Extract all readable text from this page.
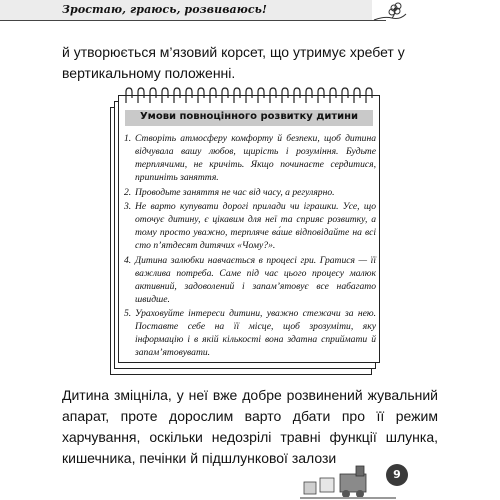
Зростаю, граюсь, розвиваюсь!

й утворюється м’язовий корсет, що утримує хребет у вертикальному положенні.

Умови повноцінного розвитку дитини
1. Створіть атмосферу комфорту й безпеки, щоб дитина відчувала вашу любов, щирість і розуміння. Будьте терплячими, не кричіть. Якщо починаєте сердитися, припиніть заняття.
2. Проводьте заняття не час від часу, а регулярно.
3. Не варто купувати дорогі прилади чи іграшки. Усе, що оточує дитину, є цікавим для неї та сприяє розвитку, а тому просто уважно, терпляче ва́ше відповідайте на всі сто п’ятдесят дитячих «Чому?».
4. Дитина залюбки навчається в процесі гри. Гратися — її важлива потреба. Саме під час цього процесу малюк активний, задоволений і запам’ятовує все набагато швидше.
5. Ураховуйте інтереси дитини, уважно стежачи за нею. Поставте себе на її місце, щоб зрозуміти, яку інформацію і в якій кількості вона здатна сприймати й запам’ятовувати.

Дитина зміцніла, у неї вже добре розвинений жувальний апарат, проте дорослим варто дбати про її режим харчування, оскільки недозрілі травні функції шлунка, кишечника, печінки й підшлункової залози

9
